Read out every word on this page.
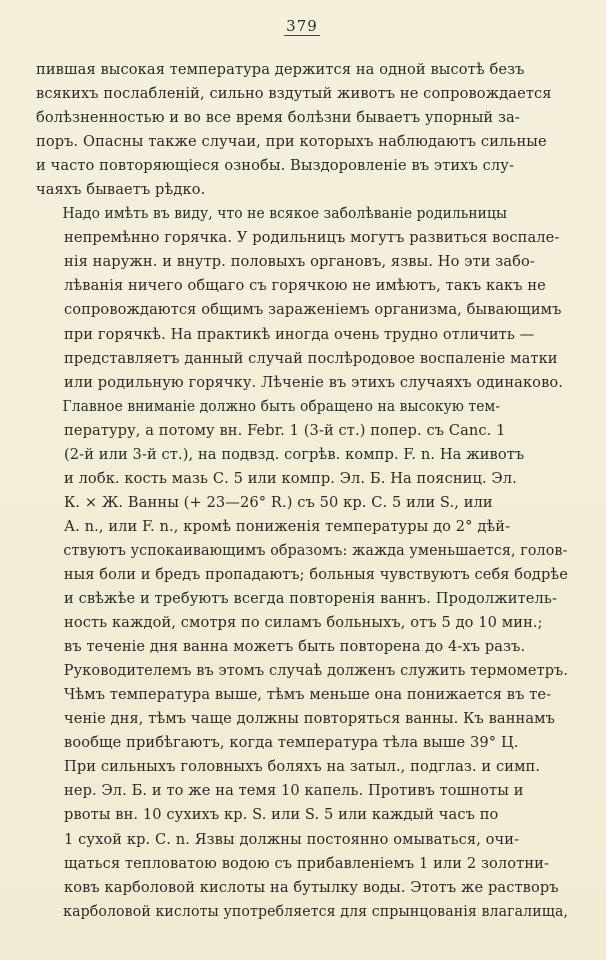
379

пившая высокая температура держится на одной высотѣ безъ
всякихъ послабленій, сильно вздутый животъ не сопровождается
болѣзненностью и во все время болѣзни бываетъ упорный за-
поръ. Опасны также случаи, при которыхъ наблюдаютъ сильные
и часто повторяющіеся ознобы. Выздоровленіе въ этихъ слу-
чаяхъ бываетъ рѣдко.

Надо имѣть въ виду, что не всякое заболѣваніе родильницы
непремѣнно горячка. У родильницъ могутъ развиться воспале-
нія наружн. и внутр. половыхъ органовъ, язвы. Но эти забо-
лѣванія ничего общаго съ горячкою не имѣютъ, такъ какъ не
сопровождаются общимъ зараженіемъ организма, бывающимъ
при горячкѣ. На практикѣ иногда очень трудно отличить —
представляетъ данный случай послѣродовое воспаленіе матки
или родильную горячку. Лѣченіе въ этихъ случаяхъ одинаково.

Главное вниманіе должно быть обращено на высокую тем-
пературу, а потому вн. Febr. 1 (3-й ст.) попер. съ Canc. 1
(2-й или 3-й ст.), на подвзд. согрѣв. компр. F. n. На животъ
и лобк. кость мазь С. 5 или компр. Эл. Б. На поясниц. Эл.
К. × Ж. Ванны (+ 23—26° R.) съ 50 кр. С. 5 или S., или
А. n., или F. n., кромѣ пониженія температуры до 2° дѣй-
ствуютъ успокаивающимъ образомъ: жажда уменьшается, голов-
ныя боли и бредъ пропадаютъ; больныя чувствуютъ себя бодрѣе
и свѣжѣе и требуютъ всегда повторенія ваннъ. Продолжитель-
ность каждой, смотря по силамъ больныхъ, отъ 5 до 10 мин.;
въ теченіе дня ванна можетъ быть повторена до 4-хъ разъ.
Руководителемъ въ этомъ случаѣ долженъ служить термометръ.
Чѣмъ температура выше, тѣмъ меньше она понижается въ те-
ченіе дня, тѣмъ чаще должны повторяться ванны. Къ ваннамъ
вообще прибѣгаютъ, когда температура тѣла выше 39° Ц.
При сильныхъ головныхъ боляхъ на затыл., подглаз. и симп.
нер. Эл. Б. и то же на темя 10 капель. Противъ тошноты и
рвоты вн. 10 сухихъ кр. S. или S. 5 или каждый часъ по
1 сухой кр. С. n. Язвы должны постоянно омываться, очи-
щаться тепловатою водою съ прибавленіемъ 1 или 2 золотни-
ковъ карболовой кислоты на бутылку воды. Этотъ же растворъ
карболовой кислоты употребляется для спрынцованія влагалища,
